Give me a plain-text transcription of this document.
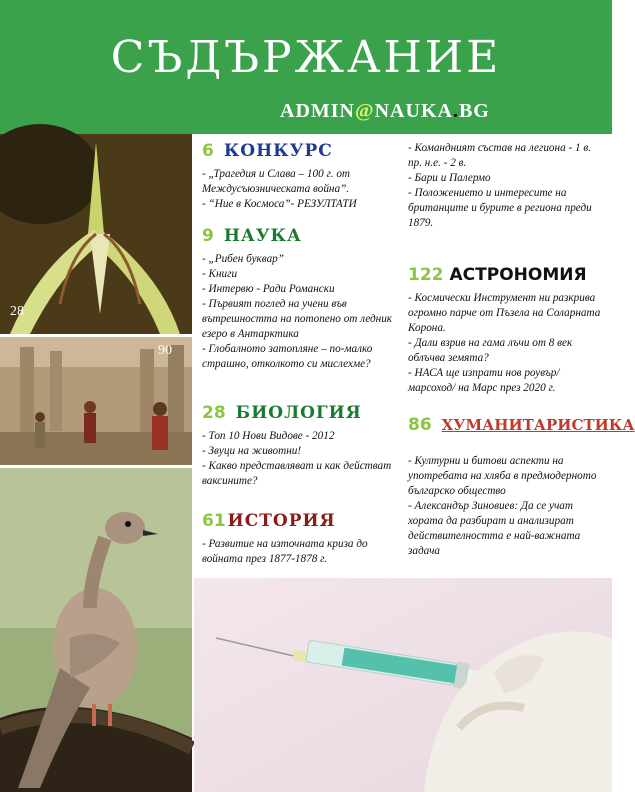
СЪДЪРЖАНИЕ
ADMIN@NAUKA.BG
28
90
6 КОНКУРС
- „Трагедия и Слава – 100 г. от Междусъюзническата война”.
- “Ние в Космоса”- РЕЗУЛТАТИ
9 НАУКА
- „Рибен буквар”
- Книги
- Интервю - Ради Романски
- Първият поглед на учени във вътрешността на потопено от ледник езеро в Антарктика
- Глобалното затопляне – по-малко страшно, отколкото си мислехме?
28 БИОЛОГИЯ
- Топ 10 Нови Видове - 2012
- Звуци на животни!
- Какво представляват и как действат ваксините?
61 ИСТОРИЯ
- Развитие на източната криза до войната през 1877-1878 г.
- Командният състав на легиона - 1 в. пр. н.е. - 2 в.
- Бари и Палермо
- Положението и интересите на британците и бурите в региона преди 1879.
122 АСТРОНОМИЯ
- Космически Инструмент ни разкрива огромно парче от Пъзела на Соларната Корона.
- Дали взрив на гама лъчи от 8 век облъчва земята?
- НАСА ще изпрати нов роувър/ марсоход/ на Марс през 2020 г.
86 ХУМАНИТАРИСТИКА
- Културни и битови аспекти на употребата на хляба в предмодерното българско общество
- Александър Зиновиев: Да се учат хората да разбират и анализират действителността е най-важната задача
